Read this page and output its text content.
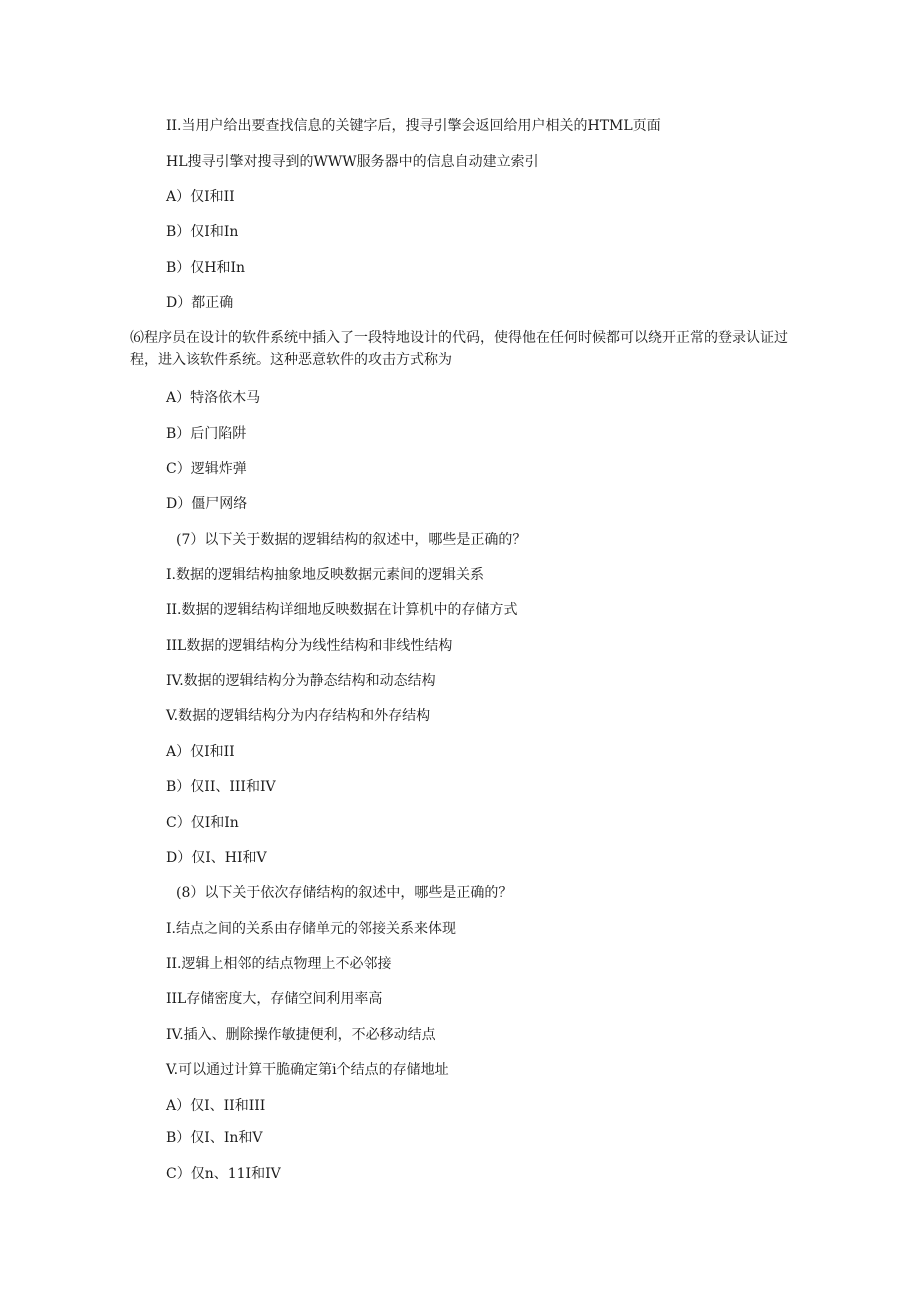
II.当用户给出要查找信息的关键字后，搜寻引擎会返回给用户相关的HTML页面
HL搜寻引擎对搜寻到的WWW服务器中的信息自动建立索引
A）仅I和II
B）仅I和In
B）仅H和In
D）都正确
⑹程序员在设计的软件系统中插入了一段特地设计的代码，使得他在任何时候都可以绕开正常的登录认证过程，进入该软件系统。这种恶意软件的攻击方式称为
A）特洛依木马
B）后门陷阱
C）逻辑炸弹
D）僵尸网络
(7）以下关于数据的逻辑结构的叙述中，哪些是正确的？
I.数据的逻辑结构抽象地反映数据元素间的逻辑关系
II.数据的逻辑结构详细地反映数据在计算机中的存储方式
IIL数据的逻辑结构分为线性结构和非线性结构
IV.数据的逻辑结构分为静态结构和动态结构
V.数据的逻辑结构分为内存结构和外存结构
A）仅I和II
B）仅II、III和IV
C）仅I和In
D）仅I、HI和V
(8）以下关于依次存储结构的叙述中，哪些是正确的？
I.结点之间的关系由存储单元的邻接关系来体现
II.逻辑上相邻的结点物理上不必邻接
IIL存储密度大，存储空间利用率高
IV.插入、删除操作敏捷便利，不必移动结点
V.可以通过计算干脆确定第i个结点的存储地址
A）仅I、II和III
B）仅I、In和V
C）仅n、11I和IV
